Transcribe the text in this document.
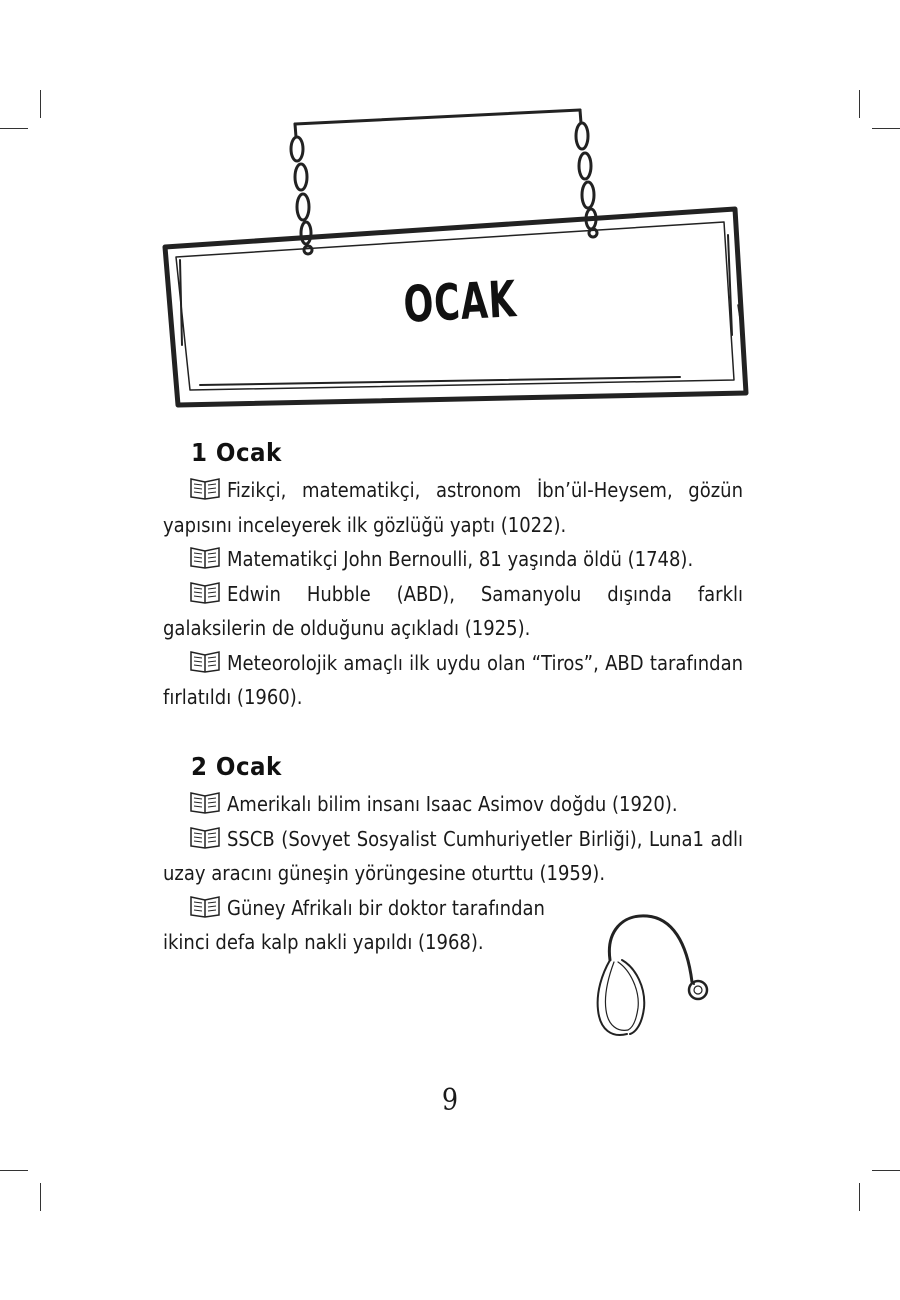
OCAK
1 Ocak

Fizikçi, matematikçi, astronom İbn’ül-Heysem, gözün yapısını inceleyerek ilk gözlüğü yaptı (1022).

Matematikçi John Bernoulli, 81 yaşında öldü (1748).

Edwin Hubble (ABD), Samanyolu dışında farklı galaksilerin de olduğunu açıkladı (1925).

Meteorolojik amaçlı ilk uydu olan “Tiros”, ABD tarafından fırlatıldı (1960).

2 Ocak

Amerikalı bilim insanı Isaac Asimov doğdu (1920).

SSCB (Sovyet Sosyalist Cumhuriyetler Birliği), Luna1 adlı uzay aracını güneşin yörüngesine oturttu (1959).

Güney Afrikalı bir doktor tarafından ikinci defa kalp nakli yapıldı (1968).

9
